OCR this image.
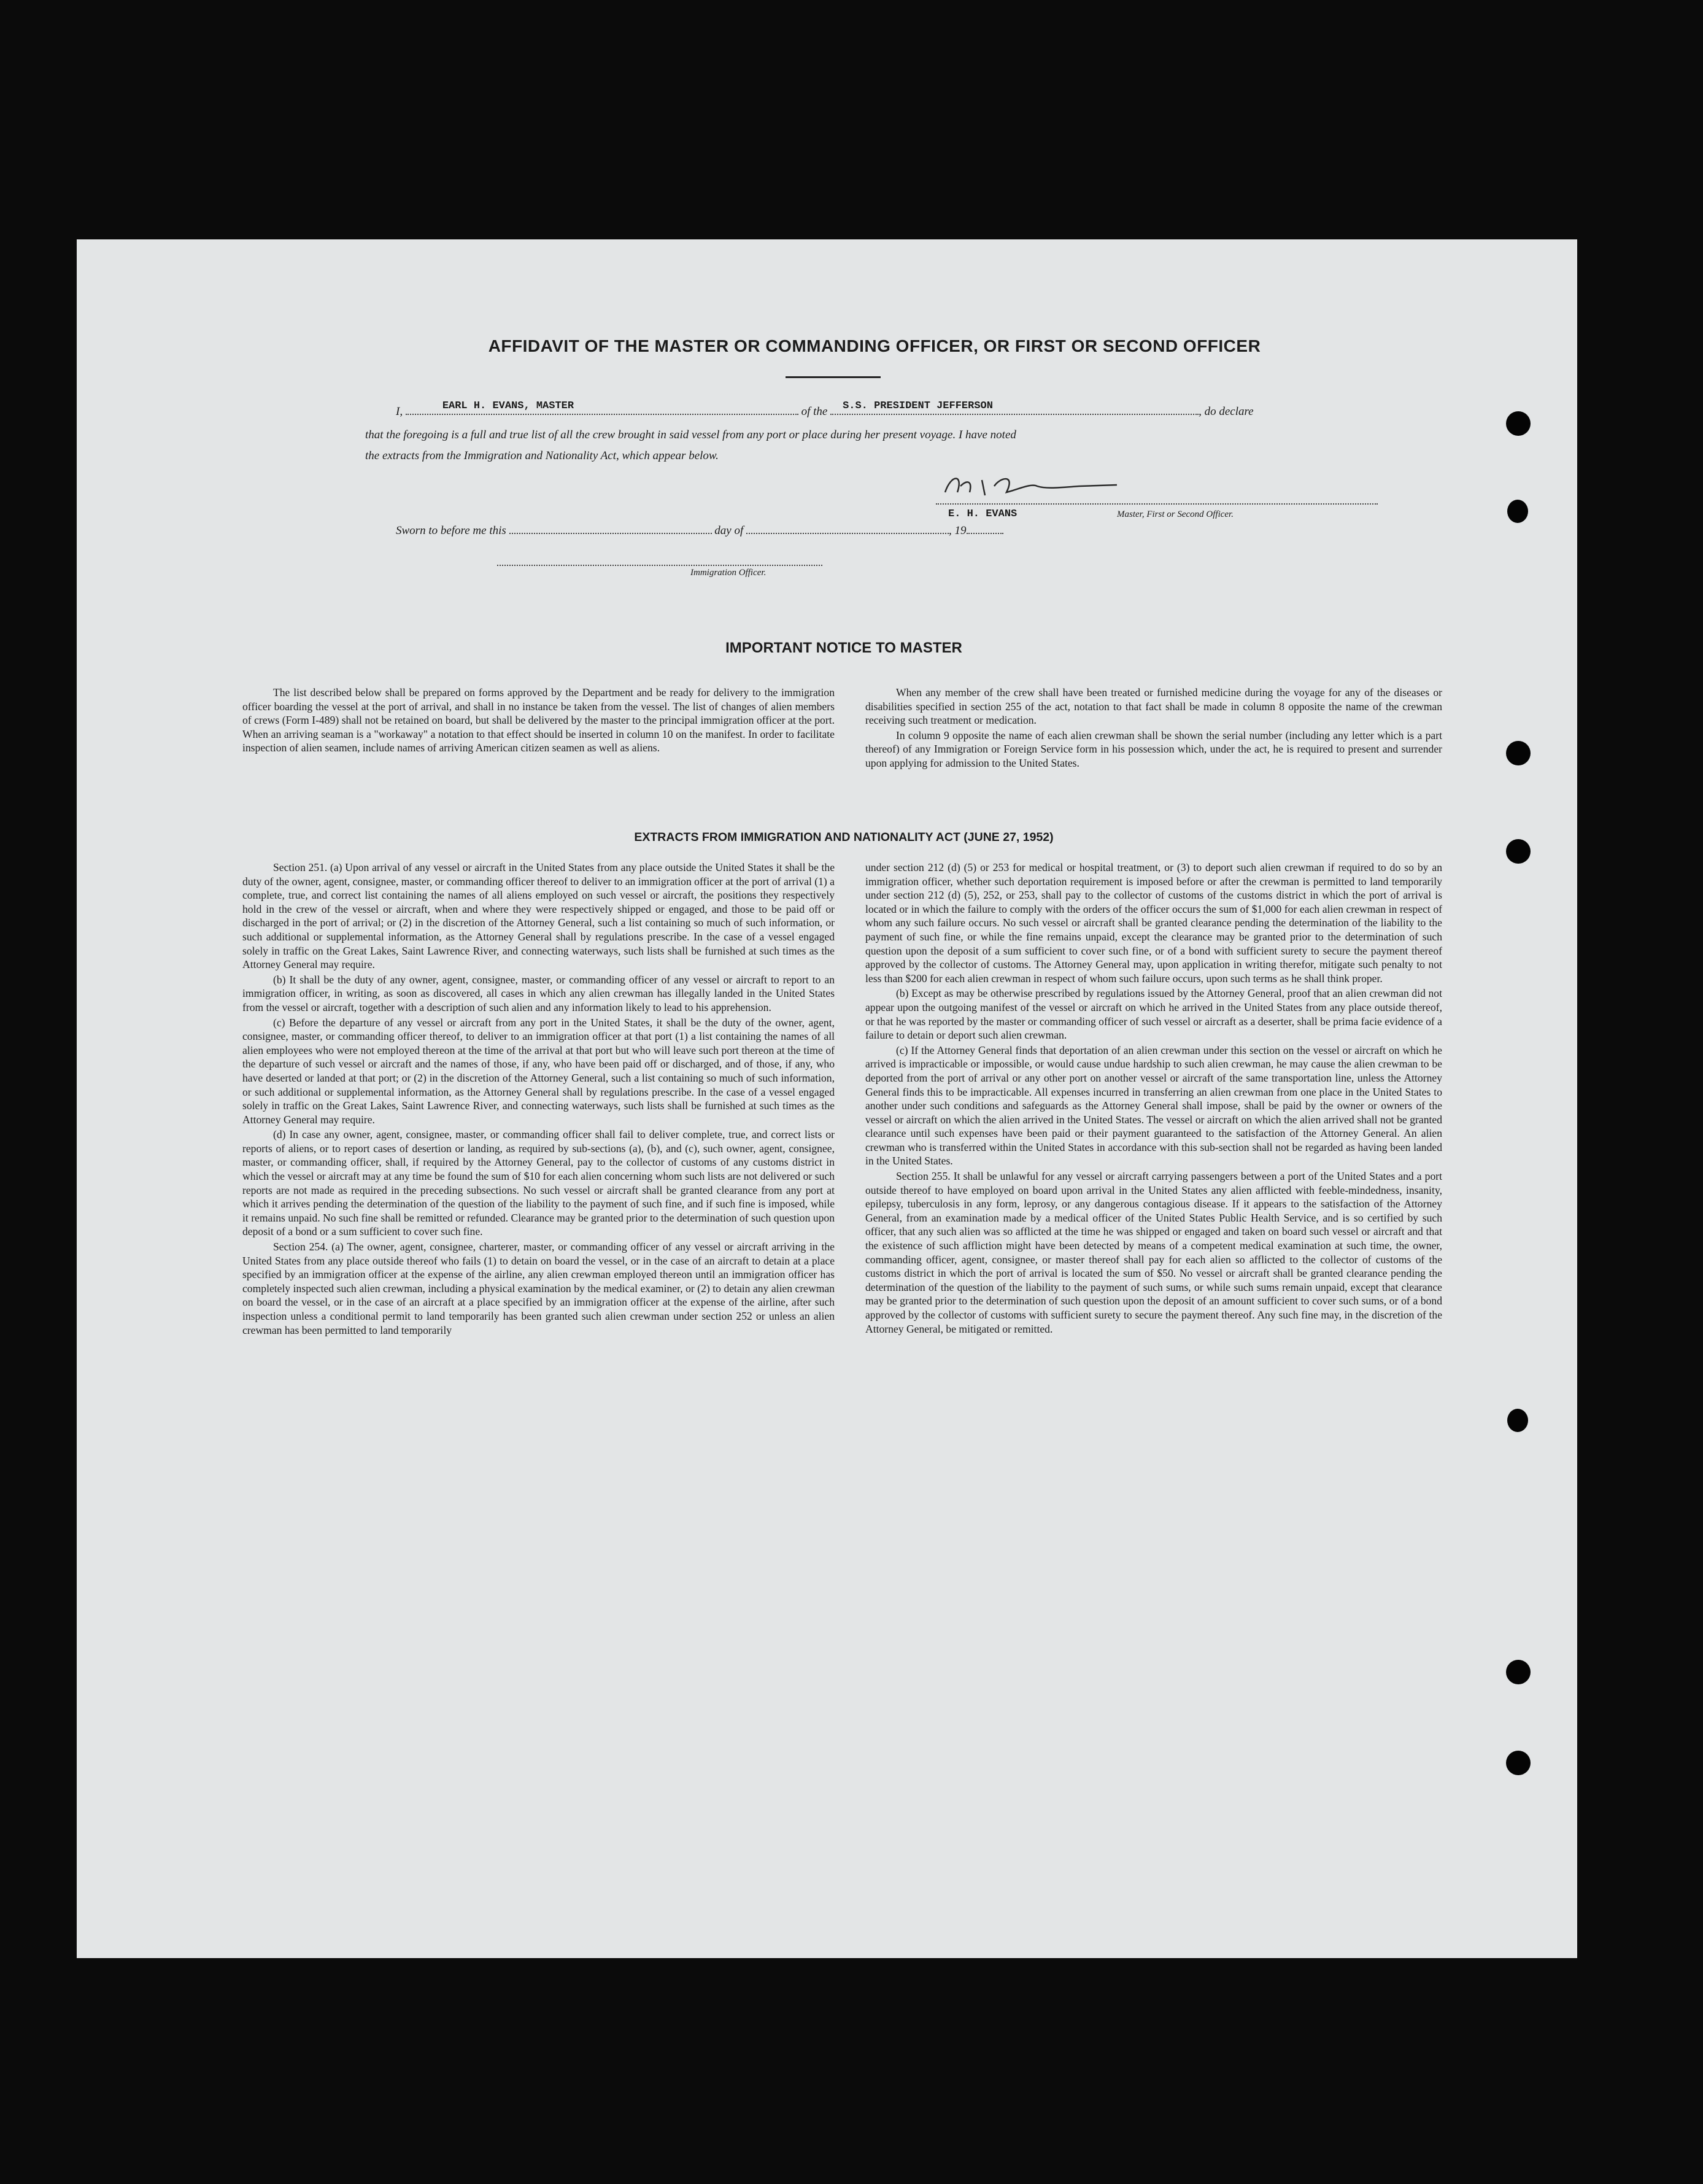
AFFIDAVIT OF THE MASTER OR COMMANDING OFFICER, OR FIRST OR SECOND OFFICER
I,	EARL H. EVANS, MASTER	of the S.S. PRESIDENT JEFFERSON	, do declare
that the foregoing is a full and true list of all the crew brought in said vessel from any port or place during her present voyage. I have noted
the extracts from the Immigration and Nationality Act, which appear below.
E. H. EVANS	Master, First or Second Officer.
Sworn to before me this	day of	, 19
Immigration Officer.
IMPORTANT NOTICE TO MASTER

The list described below shall be prepared on forms approved by the Department and be ready for delivery to the immigration officer boarding the vessel at the port of arrival, and shall in no instance be taken from the vessel. The list of changes of alien members of crews (Form I-489) shall not be retained on board, but shall be delivered by the master to the principal immigration officer at the port. When an arriving seaman is a "workaway" a notation to that effect should be inserted in column 10 on the manifest. In order to facilitate inspection of alien seamen, include names of arriving American citizen seamen as well as aliens.

When any member of the crew shall have been treated or furnished medicine during the voyage for any of the diseases or disabilities specified in section 255 of the act, notation to that fact shall be made in column 8 opposite the name of the crewman receiving such treatment or medication.

In column 9 opposite the name of each alien crewman shall be shown the serial number (including any letter which is a part thereof) of any Immigration or Foreign Service form in his possession which, under the act, he is required to present and surrender upon applying for admission to the United States.

EXTRACTS FROM IMMIGRATION AND NATIONALITY ACT (JUNE 27, 1952)

Section 251. (a) Upon arrival of any vessel or aircraft in the United States from any place outside the United States it shall be the duty of the owner, agent, consignee, master, or commanding officer thereof to deliver to an immigration officer at the port of arrival (1) a complete, true, and correct list containing the names of all aliens employed on such vessel or aircraft, the positions they respectively hold in the crew of the vessel or aircraft, when and where they were respectively shipped or engaged, and those to be paid off or discharged in the port of arrival; or (2) in the discretion of the Attorney General, such a list containing so much of such information, or such additional or supplemental information, as the Attorney General shall by regulations prescribe. In the case of a vessel engaged solely in traffic on the Great Lakes, Saint Lawrence River, and connecting waterways, such lists shall be furnished at such times as the Attorney General may require.

(b) It shall be the duty of any owner, agent, consignee, master, or commanding officer of any vessel or aircraft to report to an immigration officer, in writing, as soon as discovered, all cases in which any alien crewman has illegally landed in the United States from the vessel or aircraft, together with a description of such alien and any information likely to lead to his apprehension.

(c) Before the departure of any vessel or aircraft from any port in the United States, it shall be the duty of the owner, agent, consignee, master, or commanding officer thereof, to deliver to an immigration officer at that port (1) a list containing the names of all alien employees who were not employed thereon at the time of the arrival at that port but who will leave such port thereon at the time of the departure of such vessel or aircraft and the names of those, if any, who have been paid off or discharged, and of those, if any, who have deserted or landed at that port; or (2) in the discretion of the Attorney General, such a list containing so much of such information, or such additional or supplemental information, as the Attorney General shall by regulations prescribe. In the case of a vessel engaged solely in traffic on the Great Lakes, Saint Lawrence River, and connecting waterways, such lists shall be furnished at such times as the Attorney General may require.

(d) In case any owner, agent, consignee, master, or commanding officer shall fail to deliver complete, true, and correct lists or reports of aliens, or to report cases of desertion or landing, as required by sub-sections (a), (b), and (c), such owner, agent, consignee, master, or commanding officer, shall, if required by the Attorney General, pay to the collector of customs of any customs district in which the vessel or aircraft may at any time be found the sum of $10 for each alien concerning whom such lists are not delivered or such reports are not made as required in the preceding subsections. No such vessel or aircraft shall be granted clearance from any port at which it arrives pending the determination of the question of the liability to the payment of such fine, and if such fine is imposed, while it remains unpaid. No such fine shall be remitted or refunded. Clearance may be granted prior to the determination of such question upon deposit of a bond or a sum sufficient to cover such fine.

Section 254. (a) The owner, agent, consignee, charterer, master, or commanding officer of any vessel or aircraft arriving in the United States from any place outside thereof who fails (1) to detain on board the vessel, or in the case of an aircraft to detain at a place specified by an immigration officer at the expense of the airline, any alien crewman employed thereon until an immigration officer has completely inspected such alien crewman, including a physical examination by the medical examiner, or (2) to detain any alien crewman on board the vessel, or in the case of an aircraft at a place specified by an immigration officer at the expense of the airline, after such inspection unless a conditional permit to land temporarily has been granted such alien crewman under section 252 or unless an alien crewman has been permitted to land temporarily

under section 212 (d) (5) or 253 for medical or hospital treatment, or (3) to deport such alien crewman if required to do so by an immigration officer, whether such deportation requirement is imposed before or after the crewman is permitted to land temporarily under section 212 (d) (5), 252, or 253, shall pay to the collector of customs of the customs district in which the port of arrival is located or in which the failure to comply with the orders of the officer occurs the sum of $1,000 for each alien crewman in respect of whom any such failure occurs. No such vessel or aircraft shall be granted clearance pending the determination of the liability to the payment of such fine, or while the fine remains unpaid, except the clearance may be granted prior to the determination of such question upon the deposit of a sum sufficient to cover such fine, or of a bond with sufficient surety to secure the payment thereof approved by the collector of customs. The Attorney General may, upon application in writing therefor, mitigate such penalty to not less than $200 for each alien crewman in respect of whom such failure occurs, upon such terms as he shall think proper.

(b) Except as may be otherwise prescribed by regulations issued by the Attorney General, proof that an alien crewman did not appear upon the outgoing manifest of the vessel or aircraft on which he arrived in the United States from any place outside thereof, or that he was reported by the master or commanding officer of such vessel or aircraft as a deserter, shall be prima facie evidence of a failure to detain or deport such alien crewman.

(c) If the Attorney General finds that deportation of an alien crewman under this section on the vessel or aircraft on which he arrived is impracticable or impossible, or would cause undue hardship to such alien crewman, he may cause the alien crewman to be deported from the port of arrival or any other port on another vessel or aircraft of the same transportation line, unless the Attorney General finds this to be impracticable. All expenses incurred in transferring an alien crewman from one place in the United States to another under such conditions and safeguards as the Attorney General shall impose, shall be paid by the owner or owners of the vessel or aircraft on which the alien arrived in the United States. The vessel or aircraft on which the alien arrived shall not be granted clearance until such expenses have been paid or their payment guaranteed to the satisfaction of the Attorney General. An alien crewman who is transferred within the United States in accordance with this sub-section shall not be regarded as having been landed in the United States.

Section 255. It shall be unlawful for any vessel or aircraft carrying passengers between a port of the United States and a port outside thereof to have employed on board upon arrival in the United States any alien afflicted with feeble-mindedness, insanity, epilepsy, tuberculosis in any form, leprosy, or any dangerous contagious disease. If it appears to the satisfaction of the Attorney General, from an examination made by a medical officer of the United States Public Health Service, and is so certified by such officer, that any such alien was so afflicted at the time he was shipped or engaged and taken on board such vessel or aircraft and that the existence of such affliction might have been detected by means of a competent medical examination at such time, the owner, commanding officer, agent, consignee, or master thereof shall pay for each alien so afflicted to the collector of customs of the customs district in which the port of arrival is located the sum of $50. No vessel or aircraft shall be granted clearance pending the determination of the question of the liability to the payment of such sums, or while such sums remain unpaid, except that clearance may be granted prior to the determination of such question upon the deposit of an amount sufficient to cover such sums, or of a bond approved by the collector of customs with sufficient surety to secure the payment thereof. Any such fine may, in the discretion of the Attorney General, be mitigated or remitted.
